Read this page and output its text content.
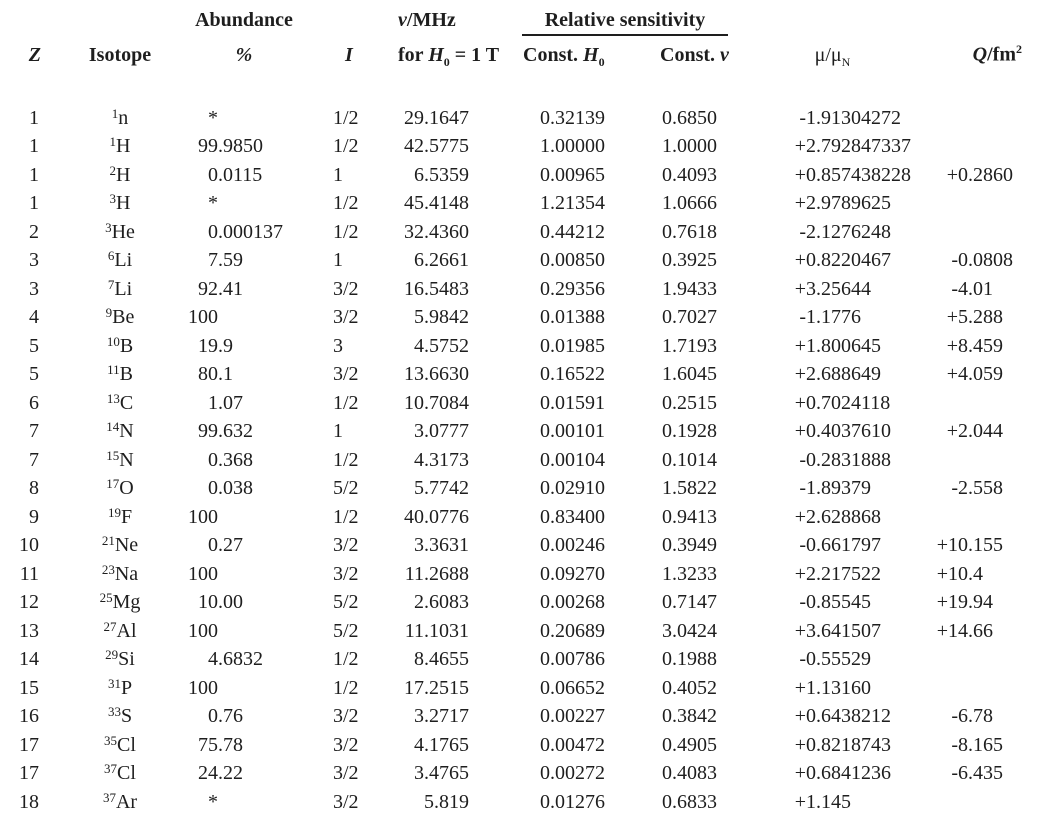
		Abundance		ν/MHz	Relative sensitivity			

Z	Isotope	%	I	for $H_0 = 1$ T	Const. $H_0$	Const. ν	$\mu/\mu_N$	$Q/fm^2$

1	$^1$n	*	1/2	29.1647	0.32139	0.6850	-1.91304272	
1	$^1$H	99.9850	1/2	42.5775	1.00000	1.0000	+2.792847337	
1	$^2$H	0.0115	1	6.5359	0.00965	0.4093	+0.857438228	+0.2860
1	$^3$H	*	1/2	45.4148	1.21354	1.0666	+2.9789625	
2	$^3$He	0.000137	1/2	32.4360	0.44212	0.7618	-2.1276248	
3	$^6$Li	7.59	1	6.2661	0.00850	0.3925	+0.8220467	-0.0808
3	$^7$Li	92.41	3/2	16.5483	0.29356	1.9433	+3.25644	-4.01
4	$^9$Be	100	3/2	5.9842	0.01388	0.7027	-1.1776	+5.288
5	$^{10}$B	19.9	3	4.5752	0.01985	1.7193	+1.800645	+8.459
5	$^{11}$B	80.1	3/2	13.6630	0.16522	1.6045	+2.688649	+4.059
6	$^{13}$C	1.07	1/2	10.7084	0.01591	0.2515	+0.7024118	
7	$^{14}$N	99.632	1	3.0777	0.00101	0.1928	+0.4037610	+2.044
7	$^{15}$N	0.368	1/2	4.3173	0.00104	0.1014	-0.2831888	
8	$^{17}$O	0.038	5/2	5.7742	0.02910	1.5822	-1.89379	-2.558
9	$^{19}$F	100	1/2	40.0776	0.83400	0.9413	+2.628868	
10	$^{21}$Ne	0.27	3/2	3.3631	0.00246	0.3949	-0.661797	+10.155
11	$^{23}$Na	100	3/2	11.2688	0.09270	1.3233	+2.217522	+10.4
12	$^{25}$Mg	10.00	5/2	2.6083	0.00268	0.7147	-0.85545	+19.94
13	$^{27}$Al	100	5/2	11.1031	0.20689	3.0424	+3.641507	+14.66
14	$^{29}$Si	4.6832	1/2	8.4655	0.00786	0.1988	-0.55529	
15	$^{31}$P	100	1/2	17.2515	0.06652	0.4052	+1.13160	
16	$^{33}$S	0.76	3/2	3.2717	0.00227	0.3842	+0.6438212	-6.78
17	$^{35}$Cl	75.78	3/2	4.1765	0.00472	0.4905	+0.8218743	-8.165
17	$^{37}$Cl	24.22	3/2	3.4765	0.00272	0.4083	+0.6841236	-6.435
18	$^{37}$Ar	*	3/2	5.819	0.01276	0.6833	+1.145	
